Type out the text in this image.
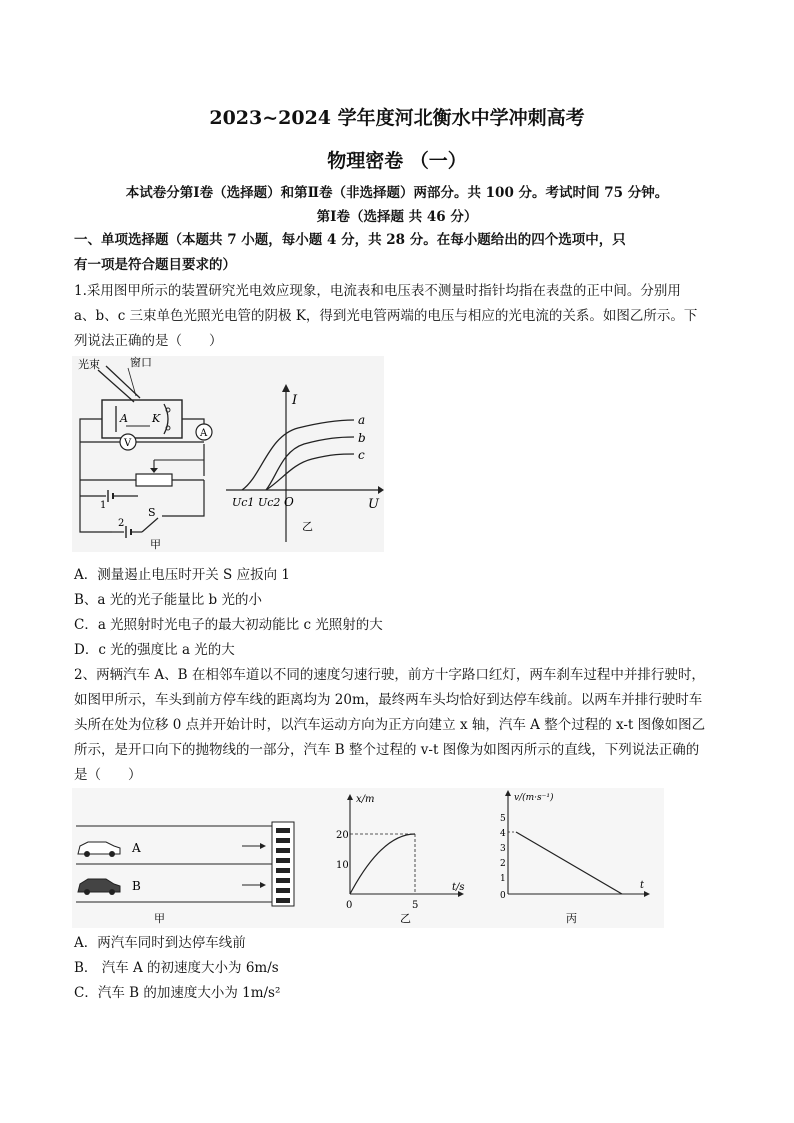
2023~2024 学年度河北衡水中学冲刺高考
物理密卷 （一）
本试卷分第Ⅰ卷（选择题）和第Ⅱ卷（非选择题）两部分。共 100 分。考试时间 75 分钟。
第Ⅰ卷（选择题 共 46 分）
一、单项选择题（本题共 7 小题，每小题 4 分，共 28 分。在每小题给出的四个选项中，只
有一项是符合题目要求的）
1.采用图甲所示的装置研究光电效应现象，电流表和电压表不测量时指针均指在表盘的正中间。分别用
a、b、c 三束单色光照光电管的阴极 K，得到光电管两端的电压与相应的光电流的关系。如图乙所示。下
列说法正确的是（　　）
光束	窗口
A K
A
V
1
2
S
甲
I
U
O
Uc1 Uc2
a
b
c
乙
A．测量遏止电压时开关 S 应扳向 1
B、a 光的光子能量比 b 光的小
C．a 光照射时光电子的最大初动能比 c 光照射的大
D．c 光的强度比 a 光的大
2、两辆汽车 A、B 在相邻车道以不同的速度匀速行驶，前方十字路口红灯，两车刹车过程中并排行驶时，
如图甲所示，车头到前方停车线的距离均为 20m，最终两车头均恰好到达停车线前。以两车并排行驶时车
头所在处为位移 0 点并开始计时，以汽车运动方向为正方向建立 x 轴，汽车 A 整个过程的 x-t 图像如图乙
所示，是开口向下的抛物线的一部分，汽车 B 整个过程的 v-t 图像为如图丙所示的直线，下列说法正确的
是（　　）
A
B
甲
x/m
t/s
10
20
0	5
乙
v/(m·s⁻¹)
t
0
1
2
3
4
5
丙
A．两汽车同时到达停车线前
B． 汽车 A 的初速度大小为 6m/s
C．汽车 B 的加速度大小为 1m/s²
